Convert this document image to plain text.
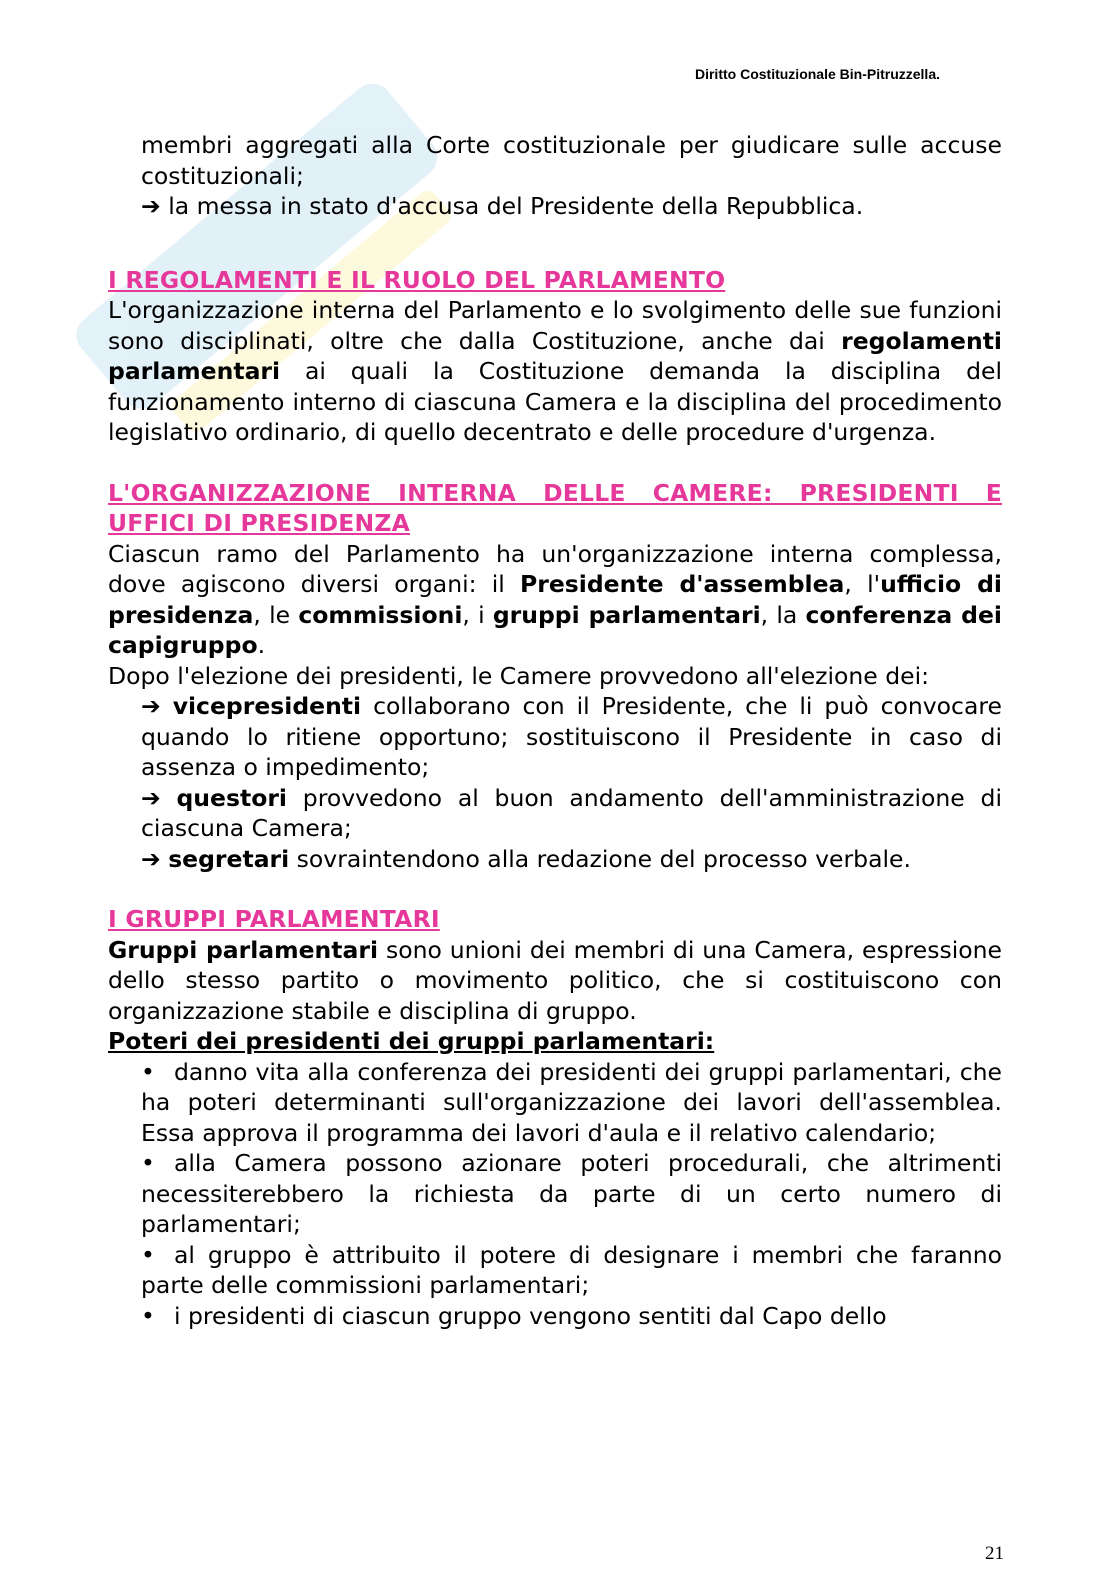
Diritto Costituzionale Bin-Pitruzzella.

membri aggregati alla Corte costituzionale per giudicare sulle accuse costituzionali;

➔ la messa in stato d'accusa del Presidente della Repubblica.

I REGOLAMENTI E IL RUOLO DEL PARLAMENTO

L'organizzazione interna del Parlamento e lo svolgimento delle sue funzioni sono disciplinati, oltre che dalla Costituzione, anche dai regolamenti parlamentari ai quali la Costituzione demanda la disciplina del funzionamento interno di ciascuna Camera e la disciplina del procedimento legislativo ordinario, di quello decentrato e delle procedure d'urgenza.

L'ORGANIZZAZIONE INTERNA DELLE CAMERE: PRESIDENTI E UFFICI DI PRESIDENZA

Ciascun ramo del Parlamento ha un'organizzazione interna complessa, dove agiscono diversi organi: il Presidente d'assemblea, l'ufficio di presidenza, le commissioni, i gruppi parlamentari, la conferenza dei capigruppo.

Dopo l'elezione dei presidenti, le Camere provvedono all'elezione dei:

➔ vicepresidenti collaborano con il Presidente, che li può convocare quando lo ritiene opportuno; sostituiscono il Presidente in caso di assenza o impedimento;

➔ questori provvedono al buon andamento dell'amministrazione di ciascuna Camera;

➔ segretari sovraintendono alla redazione del processo verbale.

I GRUPPI PARLAMENTARI

Gruppi parlamentari sono unioni dei membri di una Camera, espressione dello stesso partito o movimento politico, che si costituiscono con organizzazione stabile e disciplina di gruppo.

Poteri dei presidenti dei gruppi parlamentari:

• danno vita alla conferenza dei presidenti dei gruppi parlamentari, che ha poteri determinanti sull'organizzazione dei lavori dell'assemblea. Essa approva il programma dei lavori d'aula e il relativo calendario;
• alla Camera possono azionare poteri procedurali, che altrimenti necessiterebbero la richiesta da parte di un certo numero di parlamentari;
• al gruppo è attribuito il potere di designare i membri che faranno parte delle commissioni parlamentari;
• i presidenti di ciascun gruppo vengono sentiti dal Capo dello
21
